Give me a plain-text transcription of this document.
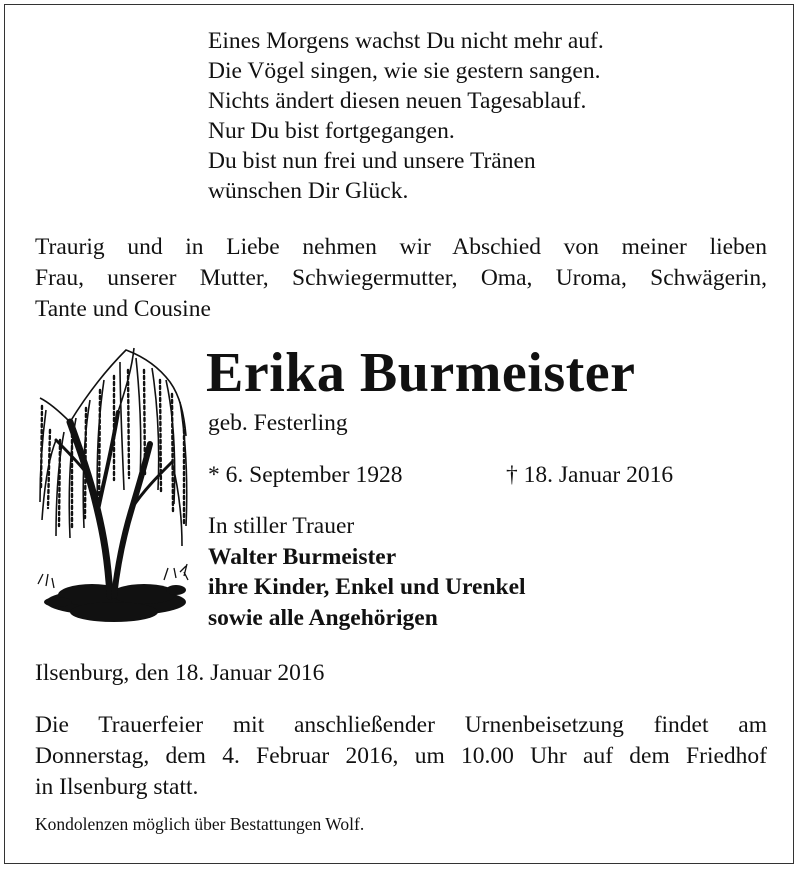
Eines Morgens wachst Du nicht mehr auf.
Die Vögel singen, wie sie gestern sangen.
Nichts ändert diesen neuen Tagesablauf.
Nur Du bist fortgegangen.
Du bist nun frei und unsere Tränen
wünschen Dir Glück.
Traurig und in Liebe nehmen wir Abschied von meiner lieben
Frau, unserer Mutter, Schwiegermutter, Oma, Uroma, Schwägerin,
Tante und Cousine
Erika Burmeister
geb. Festerling
* 6. September 1928	† 18. Januar 2016
In stiller Trauer
Walter Burmeister
ihre Kinder, Enkel und Urenkel
sowie alle Angehörigen
Ilsenburg, den 18. Januar 2016
Die Trauerfeier mit anschließender Urnenbeisetzung findet am
Donnerstag, dem 4. Februar 2016, um 10.00 Uhr auf dem Friedhof
in Ilsenburg statt.
Kondolenzen möglich über Bestattungen Wolf.
